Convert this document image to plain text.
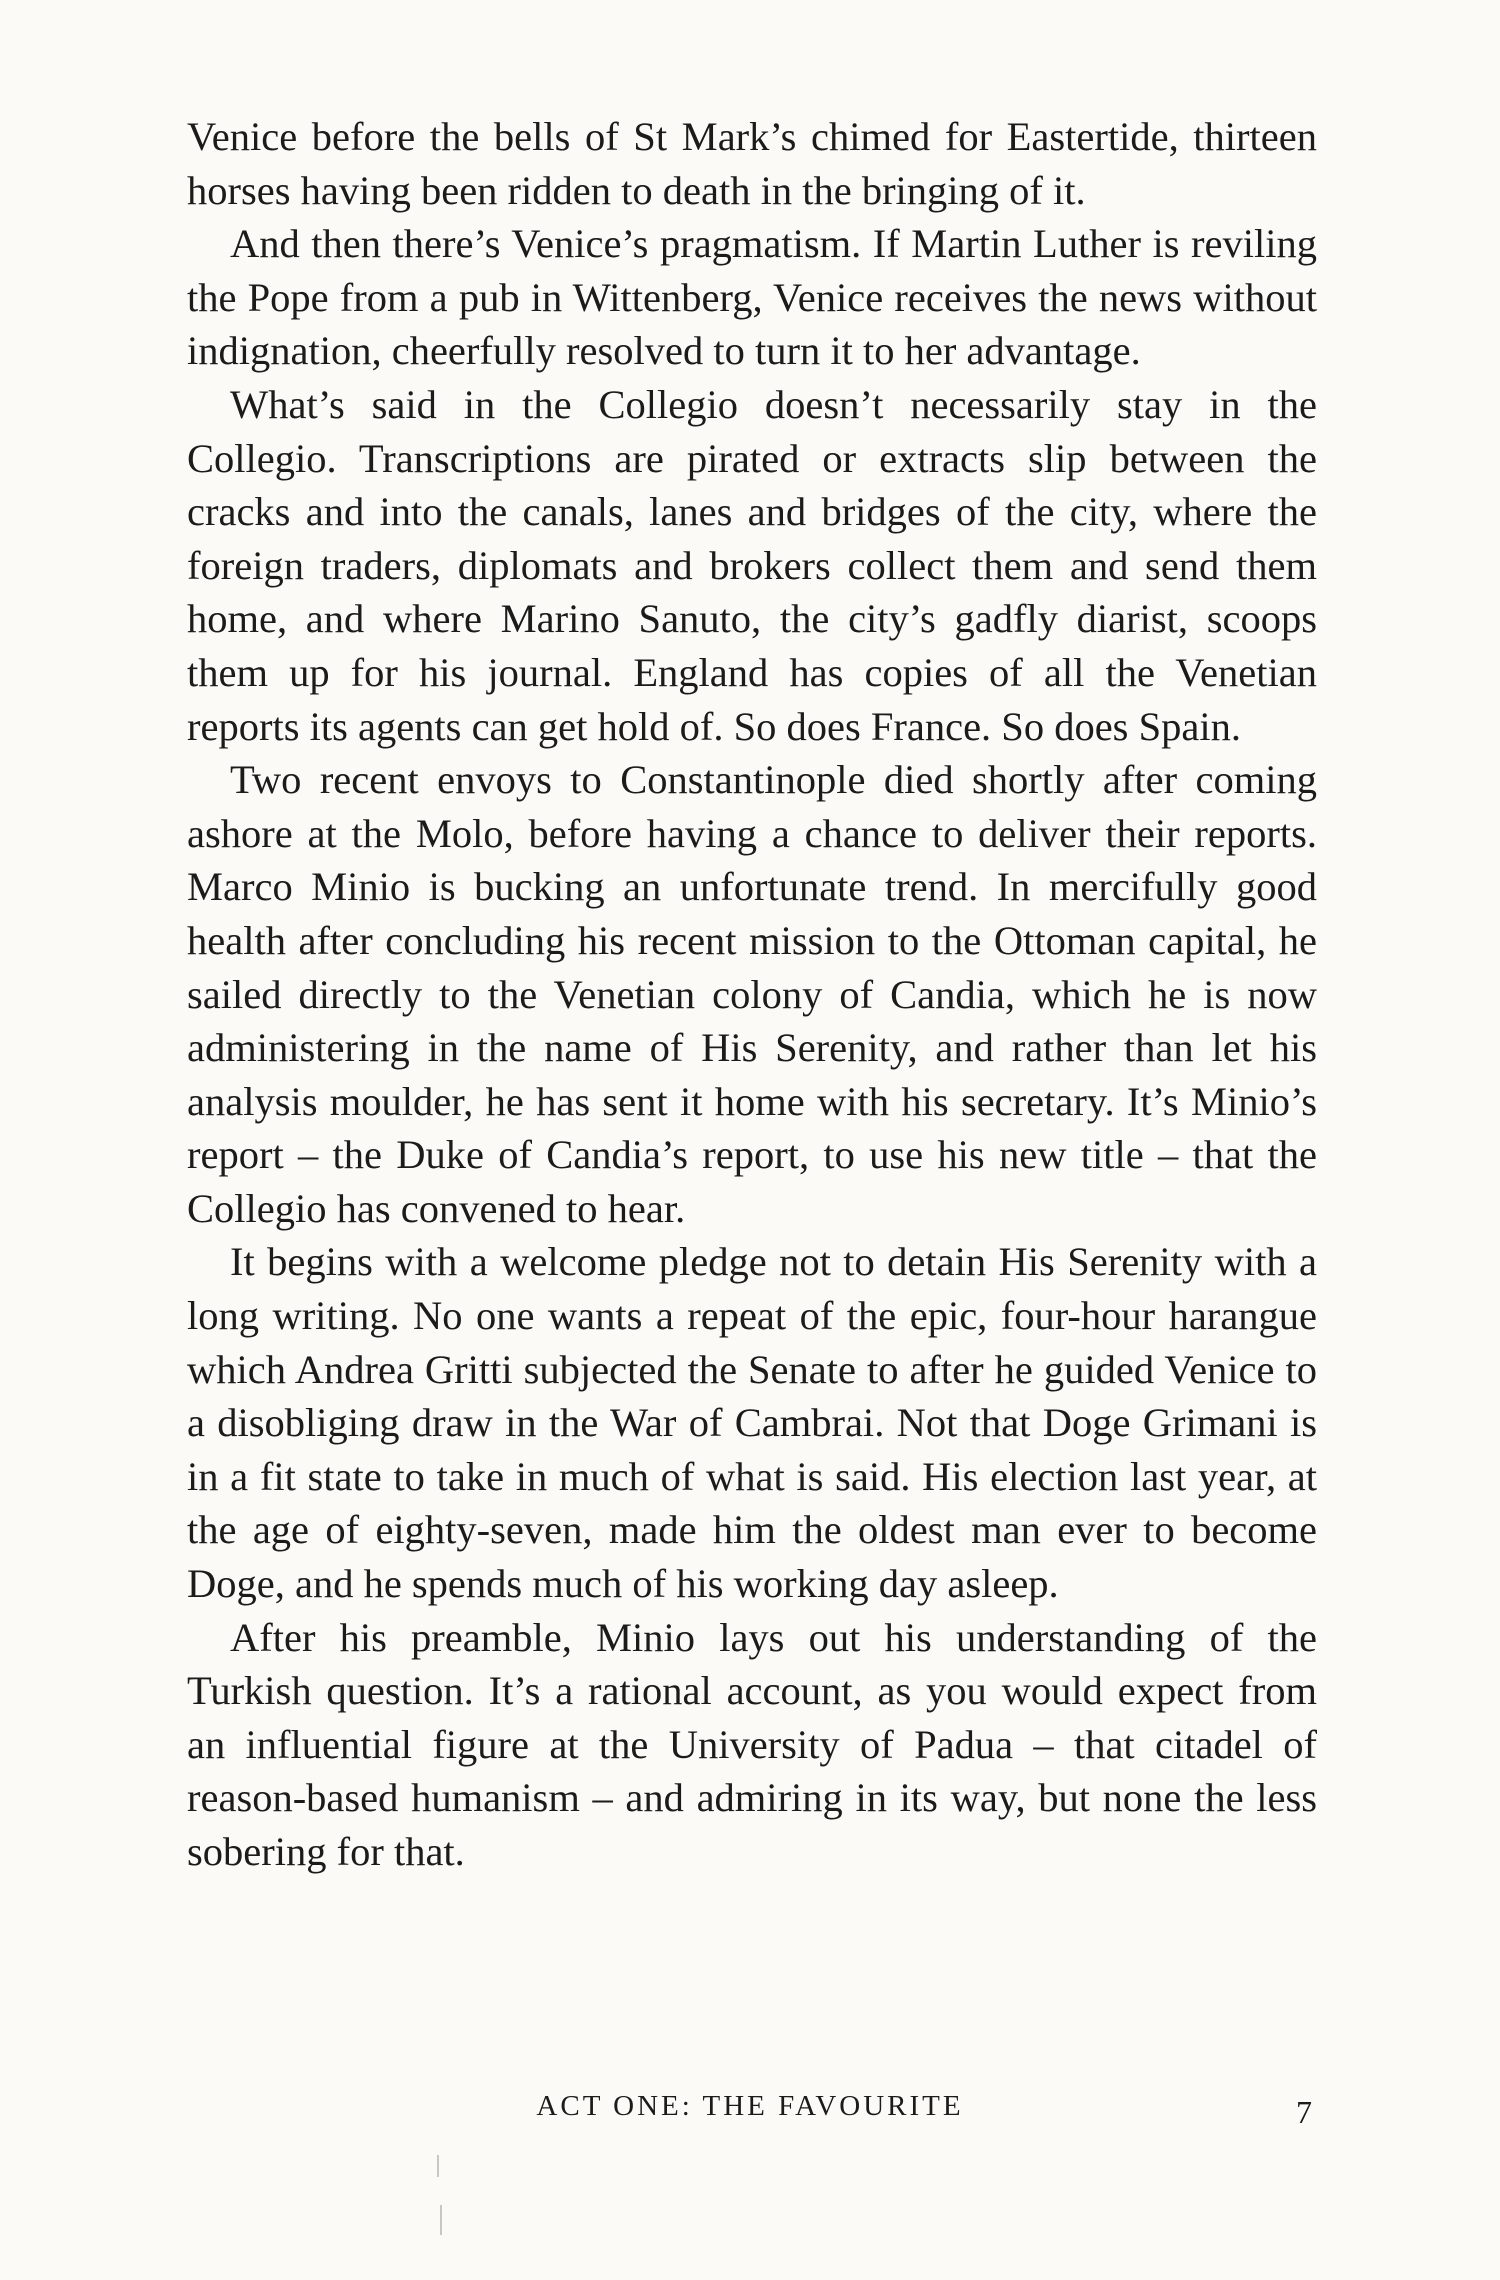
Venice before the bells of St Mark’s chimed for Eastertide, thirteen horses having been ridden to death in the bringing of it.

And then there’s Venice’s pragmatism. If Martin Luther is reviling the Pope from a pub in Wittenberg, Venice receives the news without indignation, cheerfully resolved to turn it to her advantage.

What’s said in the Collegio doesn’t necessarily stay in the Collegio. Transcriptions are pirated or extracts slip between the cracks and into the canals, lanes and bridges of the city, where the foreign traders, diplomats and brokers collect them and send them home, and where Marino Sanuto, the city’s gadfly diarist, scoops them up for his journal. England has copies of all the Venetian reports its agents can get hold of. So does France. So does Spain.

Two recent envoys to Constantinople died shortly after coming ashore at the Molo, before having a chance to deliver their reports. Marco Minio is bucking an unfortunate trend. In mercifully good health after concluding his recent mission to the Ottoman capital, he sailed directly to the Venetian colony of Candia, which he is now administering in the name of His Serenity, and rather than let his analysis moulder, he has sent it home with his secretary. It’s Minio’s report – the Duke of Candia’s report, to use his new title – that the Collegio has convened to hear.

It begins with a welcome pledge not to detain His Serenity with a long writing. No one wants a repeat of the epic, four-hour harangue which Andrea Gritti subjected the Senate to after he guided Venice to a disobliging draw in the War of Cambrai. Not that Doge Grimani is in a fit state to take in much of what is said. His election last year, at the age of eighty-seven, made him the oldest man ever to become Doge, and he spends much of his working day asleep.

After his preamble, Minio lays out his understanding of the Turkish question. It’s a rational account, as you would expect from an influential figure at the University of Padua – that citadel of reason-based humanism – and admiring in its way, but none the less sobering for that.

ACT ONE: THE FAVOURITE	7
